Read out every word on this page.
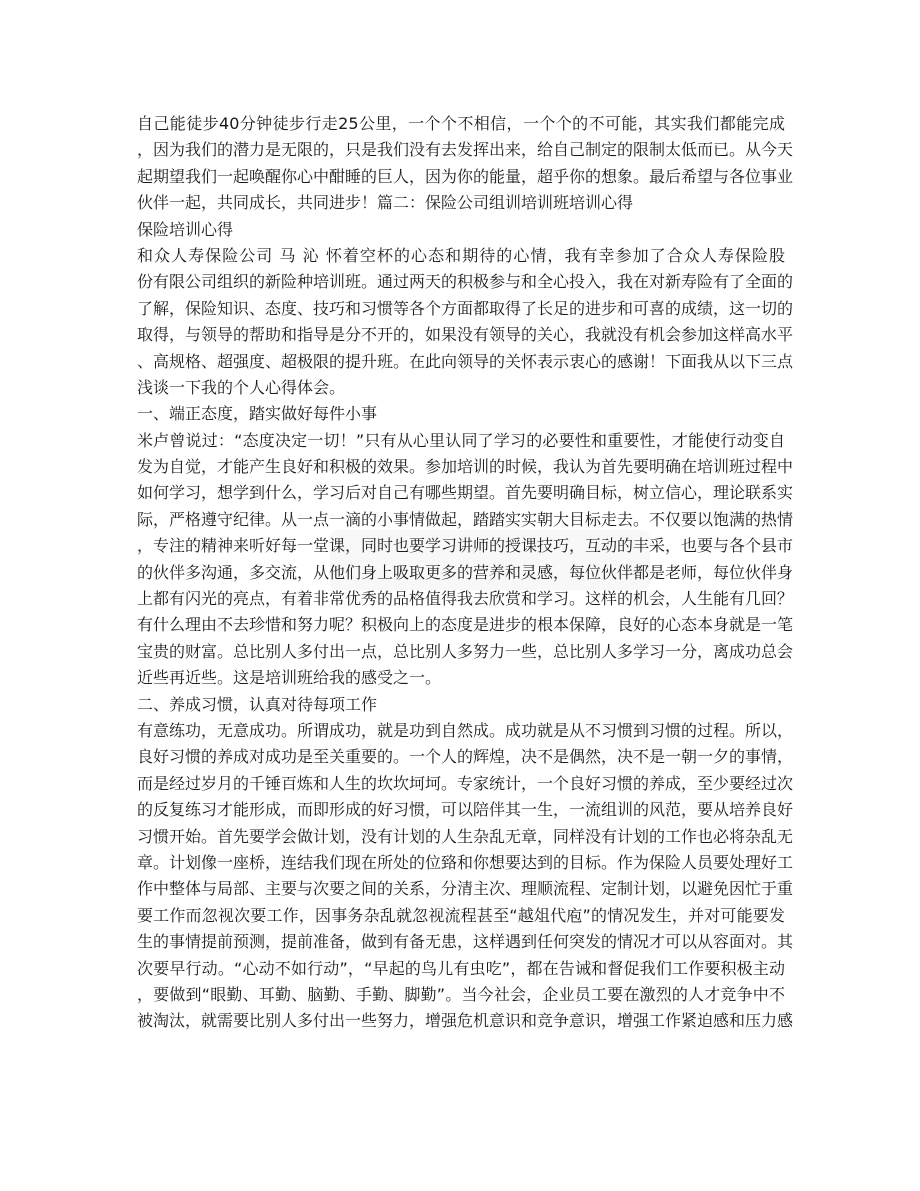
自己能徒步40分钟徒步行走25公里，一个个不相信，一个个的不可能，其实我们都能完成
，因为我们的潜力是无限的，只是我们没有去发挥出来，给自己制定的限制太低而已。从今天
起期望我们一起唤醒你心中酣睡的巨人，因为你的能量，超乎你的想象。最后希望与各位事业
伙伴一起，共同成长，共同进步！篇二：保险公司组训培训班培训心得
保险培训心得
和众人寿保险公司 马 沁 怀着空杯的心态和期待的心情，我有幸参加了合众人寿保险股
份有限公司组织的新险种培训班。通过两天的积极参与和全心投入，我在对新寿险有了全面的
了解，保险知识、态度、技巧和习惯等各个方面都取得了长足的进步和可喜的成绩，这一切的
取得，与领导的帮助和指导是分不开的，如果没有领导的关心，我就没有机会参加这样高水平
、高规格、超强度、超极限的提升班。在此向领导的关怀表示衷心的感谢！下面我从以下三点
浅谈一下我的个人心得体会。
一、端正态度，踏实做好每件小事
米卢曾说过：“态度决定一切！”只有从心里认同了学习的必要性和重要性，才能使行动变自
发为自觉，才能产生良好和积极的效果。参加培训的时候，我认为首先要明确在培训班过程中
如何学习，想学到什么，学习后对自己有哪些期望。首先要明确目标，树立信心，理论联系实
际，严格遵守纪律。从一点一滴的小事情做起，踏踏实实朝大目标走去。不仅要以饱满的热情
，专注的精神来听好每一堂课，同时也要学习讲师的授课技巧，互动的丰采，也要与各个县市
的伙伴多沟通，多交流，从他们身上吸取更多的营养和灵感，每位伙伴都是老师，每位伙伴身
上都有闪光的亮点，有着非常优秀的品格值得我去欣赏和学习。这样的机会，人生能有几回？
有什么理由不去珍惜和努力呢？积极向上的态度是进步的根本保障，良好的心态本身就是一笔
宝贵的财富。总比别人多付出一点，总比别人多努力一些，总比别人多学习一分，离成功总会
近些再近些。这是培训班给我的感受之一。
二、养成习惯，认真对待每项工作
有意练功，无意成功。所谓成功，就是功到自然成。成功就是从不习惯到习惯的过程。所以，
良好习惯的养成对成功是至关重要的。一个人的辉煌，决不是偶然，决不是一朝一夕的事情，
而是经过岁月的千锤百炼和人生的坎坎坷坷。专家统计，一个良好习惯的养成，至少要经过次
的反复练习才能形成，而即形成的好习惯，可以陪伴其一生，一流组训的风范，要从培养良好
习惯开始。首先要学会做计划，没有计划的人生杂乱无章，同样没有计划的工作也必将杂乱无
章。计划像一座桥，连结我们现在所处的位臵和你想要达到的目标。作为保险人员要处理好工
作中整体与局部、主要与次要之间的关系，分清主次、理顺流程、定制计划，以避免因忙于重
要工作而忽视次要工作，因事务杂乱就忽视流程甚至“越俎代庖”的情况发生，并对可能要发
生的事情提前预测，提前准备，做到有备无患，这样遇到任何突发的情况才可以从容面对。其
次要早行动。“心动不如行动”，“早起的鸟儿有虫吃”，都在告诫和督促我们工作要积极主动
，要做到“眼勤、耳勤、脑勤、手勤、脚勤”。当今社会，企业员工要在激烈的人才竞争中不
被淘汰，就需要比别人多付出一些努力，增强危机意识和竞争意识，增强工作紧迫感和压力感
